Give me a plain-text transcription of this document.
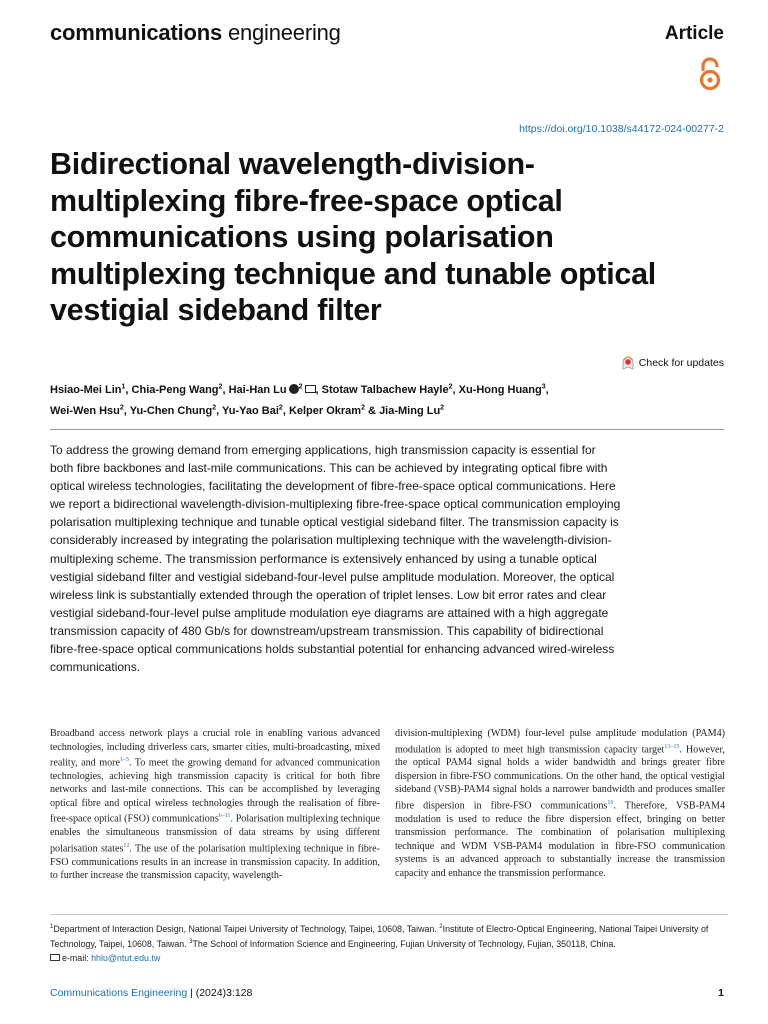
communications engineering	Article
https://doi.org/10.1038/s44172-024-00277-2
Bidirectional wavelength-division-multiplexing fibre-free-space optical communications using polarisation multiplexing technique and tunable optical vestigial sideband filter
Check for updates
Hsiao-Mei Lin$^1$, Chia-Peng Wang$^2$, Hai-Han Lu $^2$ , Stotaw Talbachew Hayle$^2$, Xu-Hong Huang$^3$,
Wei-Wen Hsu$^2$, Yu-Chen Chung$^2$, Yu-Yao Bai$^2$, Kelper Okram$^2$ & Jia-Ming Lu$^2$

To address the growing demand from emerging applications, high transmission capacity is essential for both fibre backbones and last-mile communications. This can be achieved by integrating optical fibre with optical wireless technologies, facilitating the development of fibre-free-space optical communications. Here we report a bidirectional wavelength-division-multiplexing fibre-free-space optical communication employing polarisation multiplexing technique and tunable optical vestigial sideband filter. The transmission capacity is considerably increased by integrating the polarisation multiplexing technique with the wavelength-division-multiplexing scheme. The transmission performance is extensively enhanced by using a tunable optical vestigial sideband filter and vestigial sideband-four-level pulse amplitude modulation. Moreover, the optical wireless link is substantially extended through the operation of triplet lenses. Low bit error rates and clear vestigial sideband-four-level pulse amplitude modulation eye diagrams are attained with a high aggregate transmission capacity of 480 Gb/s for downstream/upstream transmission. This capability of bidirectional fibre-free-space optical communications holds substantial potential for enhancing advanced wired-wireless communications.

Broadband access network plays a crucial role in enabling various advanced technologies, including driverless cars, smarter cities, multi-broadcasting, mixed reality, and more$^{1-5}$. To meet the growing demand for advanced communication technologies, achieving high transmission capacity is critical for both fibre networks and last-mile connections. This can be accomplished by leveraging optical fibre and optical wireless technologies through the realisation of fibre-free-space optical (FSO) communications$^{6-11}$. Polarisation multiplexing technique enables the simultaneous transmission of data streams by using different polarisation states$^{12}$. The use of the polarisation multiplexing technique in fibre-FSO communications results in an increase in transmission capacity. In addition, to further increase the transmission capacity, wavelength-
division-multiplexing (WDM) four-level pulse amplitude modulation (PAM4) modulation is adopted to meet high transmission capacity target$^{13-15}$. However, the optical PAM4 signal holds a wider bandwidth and brings greater fibre dispersion in fibre-FSO communications. On the other hand, the optical vestigial sideband (VSB)-PAM4 signal holds a narrower bandwidth and produces smaller fibre dispersion in fibre-FSO communications$^{16}$. Therefore, VSB-PAM4 modulation is used to reduce the fibre dispersion effect, bringing on better transmission performance. The combination of polarisation multiplexing technique and WDM VSB-PAM4 modulation in fibre-FSO communication systems is an advanced approach to substantially increase the transmission capacity and enhance the transmission performance.
$^1$Department of Interaction Design, National Taipei University of Technology, Taipei, 10608, Taiwan. $^2$Institute of Electro-Optical Engineering, National Taipei University of Technology, Taipei, 10608, Taiwan. $^3$The School of Information Science and Engineering, Fujian University of Technology, Fujian, 350118, China.
e-mail: hhlu@ntut.edu.tw
Communications Engineering | (2024)3:128	1
